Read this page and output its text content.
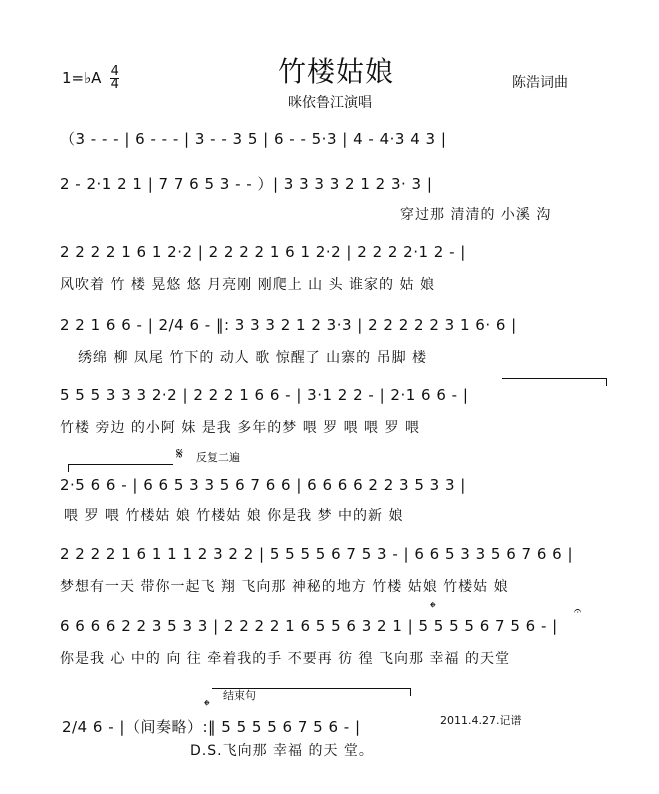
1=♭A $\frac{4}{4}$	竹楼姑娘
咪依鲁江演唱
陈浩词曲
（3 - - - | 6 - - - | 3 - - 3 5 | 6 - - 5·3 | 4 - 4·3 4 3 |
2 - 2·1 2 1 | 7 7 6 5 3 - - ）| 3 3 3 3 2 1 2 3· 3 |
穿过那 清清的 小溪 沟
2 2 2 2 1 6 1 2·2 | 2 2 2 2 1 6 1 2·2 | 2 2 2 2·1 2 - |
风吹着 竹 楼 晃悠 悠 月亮刚 刚爬上 山 头 谁家的 姑 娘
2 2 1 6 6 - | 2/4 6 - ‖: 3 3 3 2 1 2 3·3 | 2 2 2 2 2 3 1 6· 6 |
绣绵 柳 凤尾 竹下的 动人 歌 惊醒了 山寨的 吊脚 楼
5 5 5 3 3 3 2·2 | 2 2 2 1 6 6 - | 3·1 2 2 - | 2·1 6 6 - |
竹楼 旁边 的小阿 妹 是我 多年的梦 喂 罗 喂 喂 罗 喂
𝄋 反复二遍
2·5 6 6 - | 6 6 5 3 3 5 6 7 6 6 | 6 6 6 6 2 2 3 5 3 3 |
喂 罗 喂 竹楼姑 娘 竹楼姑 娘 你是我 梦 中的新 娘
2 2 2 2 1 6 1 1 1 2 3 2 2 | 5 5 5 5 6 7 5 3 - | 6 6 5 3 3 5 6 7 6 6 |
梦想有一天 带你一起飞 翔 飞向那 神秘的地方 竹楼 姑娘 竹楼姑 娘
𝄌
6 6 6 6 2 2 3 5 3 3 | 2 2 2 2 1 6 5 5 6 3 2 1 | 5 5 5 5 6 7 5 6 - |
你是我 心 中的 向 往 牵着我的手 不要再 彷 徨 飞向那 幸福 的天堂
𝄐
结束句
𝄌
2/4 6 - |（间奏略）:‖ 5 5 5 5 6 7 5 6 - |
D.S.飞向那 幸福 的天 堂。
2011.4.27.记谱
